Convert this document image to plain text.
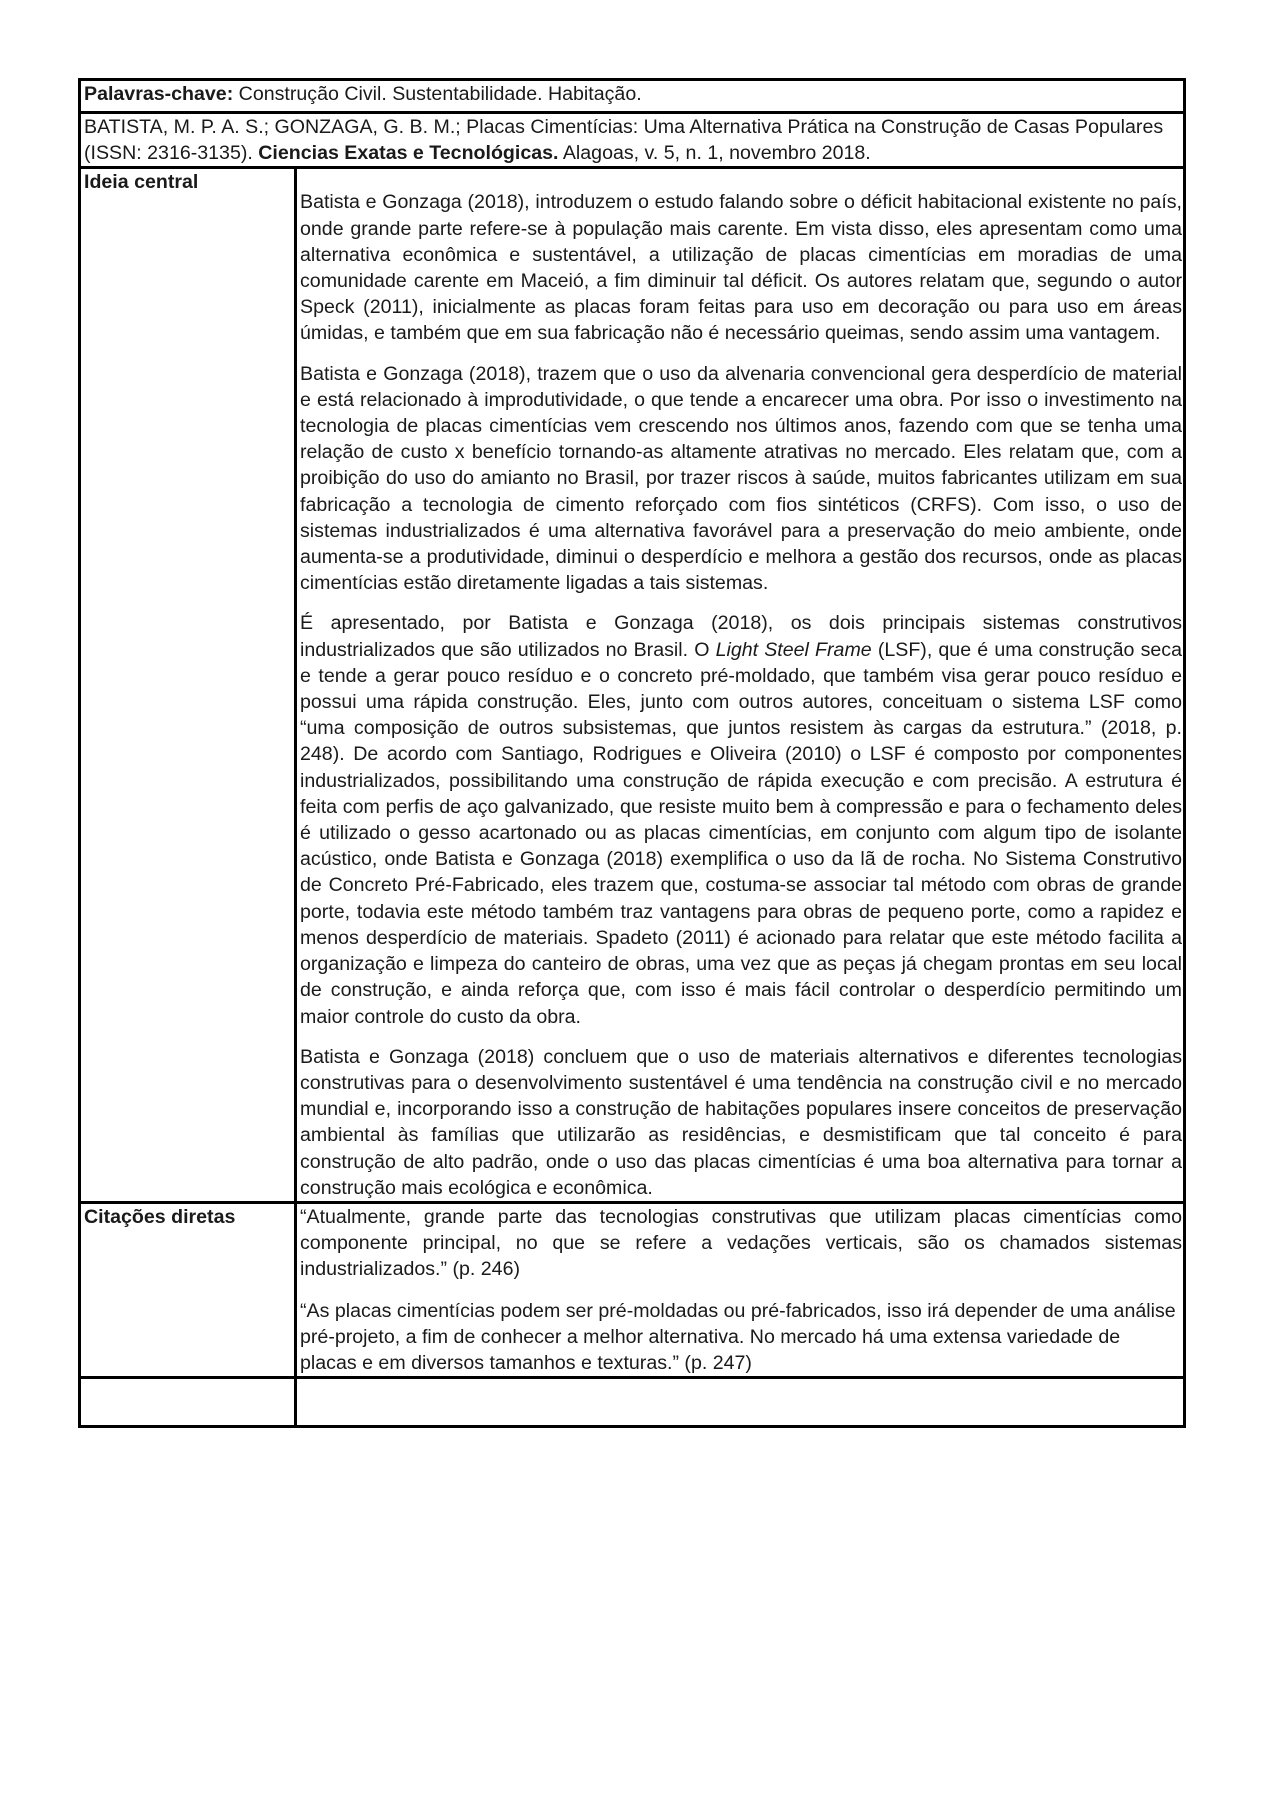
Palavras-chave: Construção Civil. Sustentabilidade. Habitação.	
BATISTA, M. P. A. S.; GONZAGA, G. B. M.; Placas Cimentícias: Uma Alternativa Prática na Construção de Casas Populares (ISSN: 2316-3135). Ciencias Exatas e Tecnológicas. Alagoas, v. 5, n. 1, novembro 2018.	
Ideia central	Batista e Gonzaga (2018), introduzem o estudo falando sobre o déficit habitacional existente no país, onde grande parte refere-se à população mais carente. Em vista disso, eles apresentam como uma alternativa econômica e sustentável, a utilização de placas cimentícias em moradias de uma comunidade carente em Maceió, a fim diminuir tal déficit. Os autores relatam que, segundo o autor Speck (2011), inicialmente as placas foram feitas para uso em decoração ou para uso em áreas úmidas, e também que em sua fabricação não é necessário queimas, sendo assim uma vantagem.

Batista e Gonzaga (2018), trazem que o uso da alvenaria convencional gera desperdício de material e está relacionado à improdutividade, o que tende a encarecer uma obra. Por isso o investimento na tecnologia de placas cimentícias vem crescendo nos últimos anos, fazendo com que se tenha uma relação de custo x benefício tornando-as altamente atrativas no mercado. Eles relatam que, com a proibição do uso do amianto no Brasil, por trazer riscos à saúde, muitos fabricantes utilizam em sua fabricação a tecnologia de cimento reforçado com fios sintéticos (CRFS). Com isso, o uso de sistemas industrializados é uma alternativa favorável para a preservação do meio ambiente, onde aumenta-se a produtividade, diminui o desperdício e melhora a gestão dos recursos, onde as placas cimentícias estão diretamente ligadas a tais sistemas.

É apresentado, por Batista e Gonzaga (2018), os dois principais sistemas construtivos industrializados que são utilizados no Brasil. O Light Steel Frame (LSF), que é uma construção seca e tende a gerar pouco resíduo e o concreto pré-moldado, que também visa gerar pouco resíduo e possui uma rápida construção. Eles, junto com outros autores, conceituam o sistema LSF como “uma composição de outros subsistemas, que juntos resistem às cargas da estrutura.” (2018, p. 248). De acordo com Santiago, Rodrigues e Oliveira (2010) o LSF é composto por componentes industrializados, possibilitando uma construção de rápida execução e com precisão. A estrutura é feita com perfis de aço galvanizado, que resiste muito bem à compressão e para o fechamento deles é utilizado o gesso acartonado ou as placas cimentícias, em conjunto com algum tipo de isolante acústico, onde Batista e Gonzaga (2018) exemplifica o uso da lã de rocha. No Sistema Construtivo de Concreto Pré-Fabricado, eles trazem que, costuma-se associar tal método com obras de grande porte, todavia este método também traz vantagens para obras de pequeno porte, como a rapidez e menos desperdício de materiais. Spadeto (2011) é acionado para relatar que este método facilita a organização e limpeza do canteiro de obras, uma vez que as peças já chegam prontas em seu local de construção, e ainda reforça que, com isso é mais fácil controlar o desperdício permitindo um maior controle do custo da obra.

Batista e Gonzaga (2018) concluem que o uso de materiais alternativos e diferentes tecnologias construtivas para o desenvolvimento sustentável é uma tendência na construção civil e no mercado mundial e, incorporando isso a construção de habitações populares insere conceitos de preservação ambiental às famílias que utilizarão as residências, e desmistificam que tal conceito é para construção de alto padrão, onde o uso das placas cimentícias é uma boa alternativa para tornar a construção mais ecológica e econômica.

Citações diretas	“Atualmente, grande parte das tecnologias construtivas que utilizam placas cimentícias como componente principal, no que se refere a vedações verticais, são os chamados sistemas industrializados.” (p. 246)

“As placas cimentícias podem ser pré-moldadas ou pré-fabricados, isso irá depender de uma análise pré-projeto, a fim de conhecer a melhor alternativa. No mercado há uma extensa variedade de placas e em diversos tamanhos e texturas.” (p. 247)
